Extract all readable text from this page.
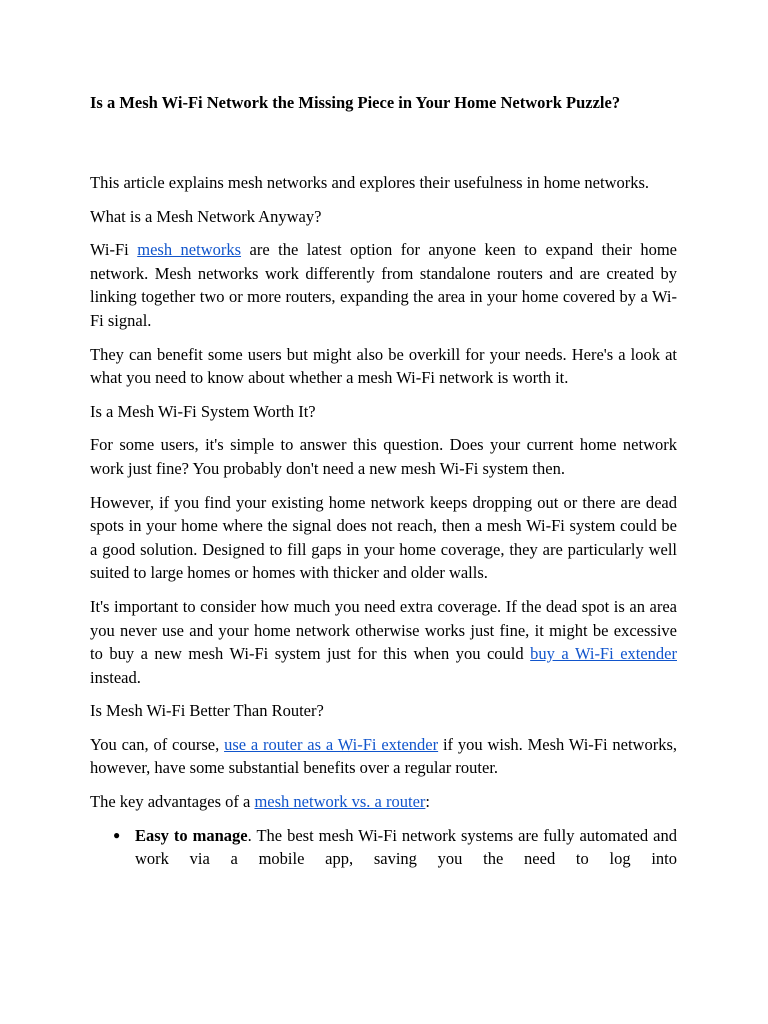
Is a Mesh Wi-Fi Network the Missing Piece in Your Home Network Puzzle?

This article explains mesh networks and explores their usefulness in home networks.

What is a Mesh Network Anyway?

Wi-Fi mesh networks are the latest option for anyone keen to expand their home network. Mesh networks work differently from standalone routers and are created by linking together two or more routers, expanding the area in your home covered by a Wi-Fi signal.

They can benefit some users but might also be overkill for your needs. Here's a look at what you need to know about whether a mesh Wi-Fi network is worth it.

Is a Mesh Wi-Fi System Worth It?

For some users, it's simple to answer this question. Does your current home network work just fine? You probably don't need a new mesh Wi-Fi system then.

However, if you find your existing home network keeps dropping out or there are dead spots in your home where the signal does not reach, then a mesh Wi-Fi system could be a good solution. Designed to fill gaps in your home coverage, they are particularly well suited to large homes or homes with thicker and older walls.

It's important to consider how much you need extra coverage. If the dead spot is an area you never use and your home network otherwise works just fine, it might be excessive to buy a new mesh Wi-Fi system just for this when you could buy a Wi-Fi extender instead.

Is Mesh Wi-Fi Better Than Router?

You can, of course, use a router as a Wi-Fi extender if you wish. Mesh Wi-Fi networks, however, have some substantial benefits over a regular router.

The key advantages of a mesh network vs. a router:

● Easy to manage. The best mesh Wi-Fi network systems are fully automated and work via a mobile app, saving you the need to log into
